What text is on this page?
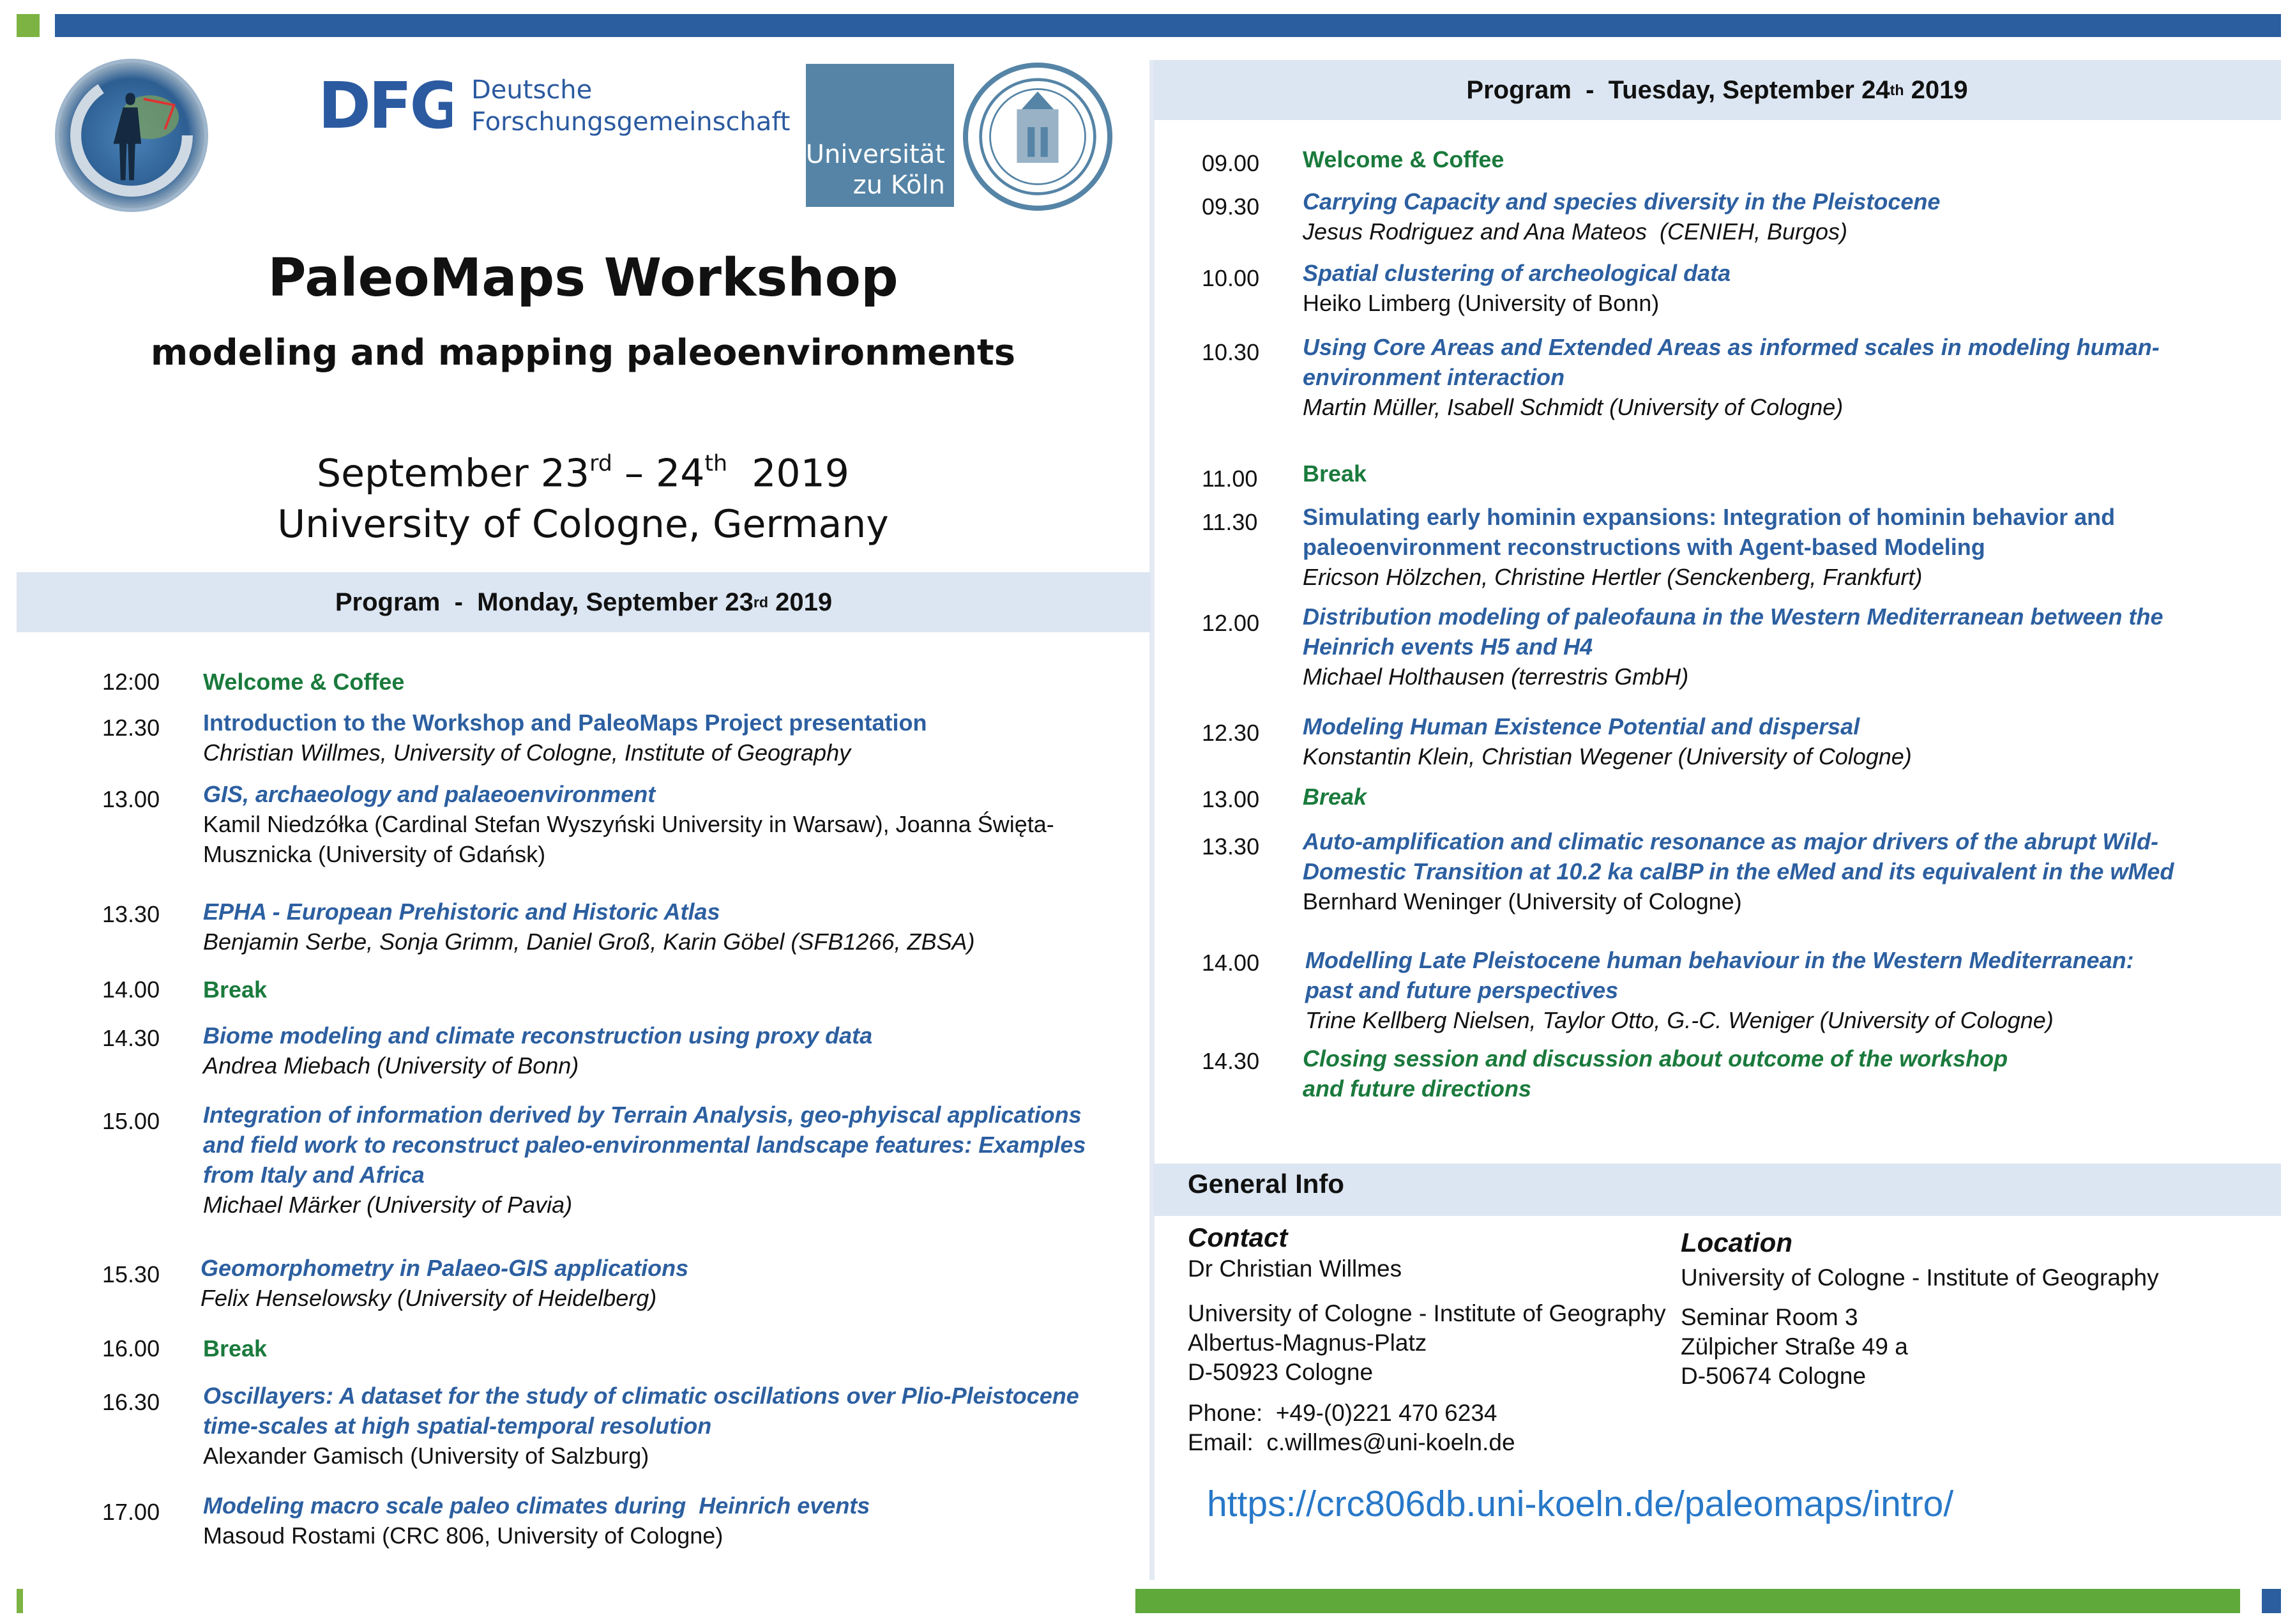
DFG Deutsche
Forschungsgemeinschaft
Universität
zu Köln
PaleoMaps Workshop
modeling and mapping paleoenvironments
September 23rd – 24th  2019
University of Cologne, Germany
Program  -  Monday, September 23 rd 2019
12:00	Welcome & Coffee
12.30	Introduction to the Workshop and PaleoMaps Project presentation
Christian Willmes, University of Cologne, Institute of Geography
13.00	GIS, archaeology and palaeoenvironment
Kamil Niedzółka (Cardinal Stefan Wyszyński University in Warsaw), Joanna Święta-Musznicka (University of Gdańsk)
13.30	EPHA - European Prehistoric and Historic Atlas
Benjamin Serbe, Sonja Grimm, Daniel Groß, Karin Göbel (SFB1266, ZBSA)
14.00	Break
14.30	Biome modeling and climate reconstruction using proxy data
Andrea Miebach (University of Bonn)
15.00	Integration of information derived by Terrain Analysis, geo-phyiscal applications and field work to reconstruct paleo-environmental landscape features: Examples from Italy and Africa
Michael Märker (University of Pavia)
15.30	Geomorphometry in Palaeo-GIS applications
Felix Henselowsky (University of Heidelberg)
16.00	Break
16.30	Oscillayers: A dataset for the study of climatic oscillations over Plio-Pleistocene time-scales at high spatial-temporal resolution
Alexander Gamisch (University of Salzburg)
17.00	Modeling macro scale paleo climates during  Heinrich events
Masoud Rostami (CRC 806, University of Cologne)
Program  -  Tuesday, September 24 th 2019
09.00	Welcome & Coffee
09.30	Carrying Capacity and species diversity in the Pleistocene
Jesus Rodriguez and Ana Mateos  (CENIEH, Burgos)
10.00	Spatial clustering of archeological data
Heiko Limberg (University of Bonn)
10.30	Using Core Areas and Extended Areas as informed scales in modeling human-environment interaction
Martin Müller, Isabell Schmidt (University of Cologne)
11.00	Break
11.30	Simulating early hominin expansions: Integration of hominin behavior and paleoenvironment reconstructions with Agent-based Modeling
Ericson Hölzchen, Christine Hertler (Senckenberg, Frankfurt)
12.00	Distribution modeling of paleofauna in the Western Mediterranean between the Heinrich events H5 and H4
Michael Holthausen (terrestris GmbH)
12.30	Modeling Human Existence Potential and dispersal
Konstantin Klein, Christian Wegener (University of Cologne)
13.00	Break
13.30	Auto-amplification and climatic resonance as major drivers of the abrupt Wild-Domestic Transition at 10.2 ka calBP in the eMed and its equivalent in the wMed
Bernhard Weninger (University of Cologne)
14.00	Modelling Late Pleistocene human behaviour in the Western Mediterranean:
past and future perspectives
Trine Kellberg Nielsen, Taylor Otto, G.-C. Weniger (University of Cologne)
14.30	Closing session and discussion about outcome of the workshop
and future directions
General Info
Contact
Dr Christian Willmes
University of Cologne - Institute of Geography
Albertus-Magnus-Platz
D-50923 Cologne
Phone:  +49-(0)221 470 6234
Email:  c.willmes@uni-koeln.de
Location
University of Cologne - Institute of Geography
Seminar Room 3
Zülpicher Straße 49 a
D-50674 Cologne
https://crc806db.uni-koeln.de/paleomaps/intro/
